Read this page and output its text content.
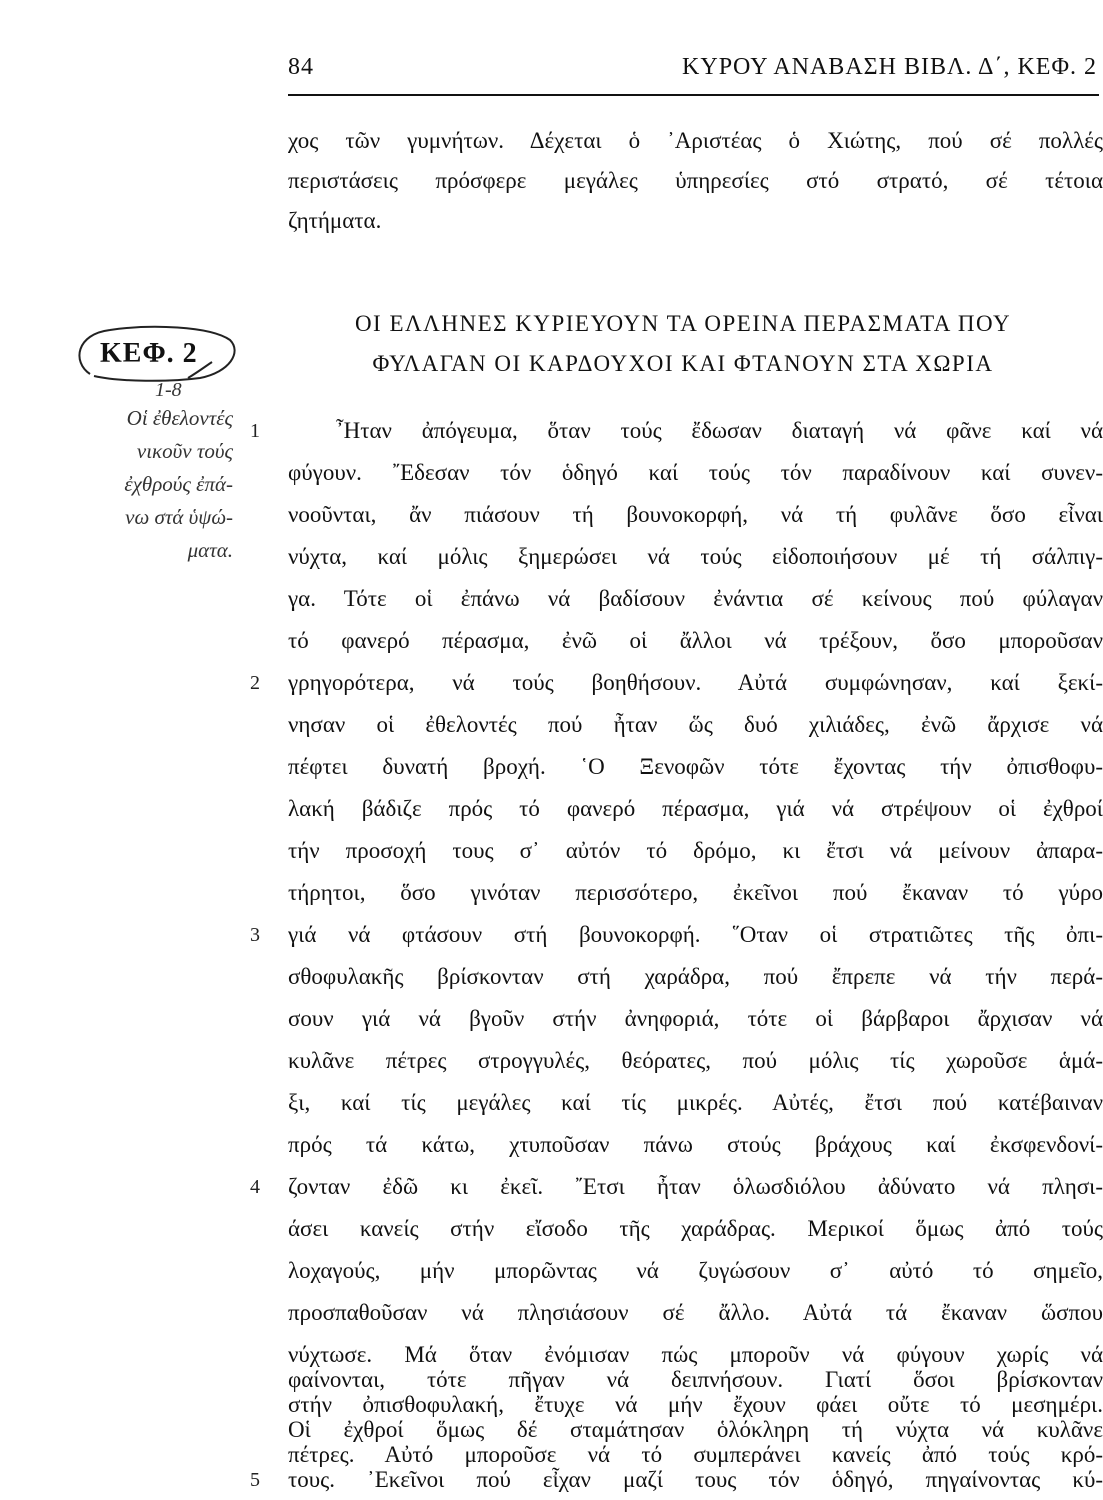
84	ΚΥΡΟΥ ΑΝΑΒΑΣΗ ΒΙΒΛ. Δ΄, ΚΕΦ. 2
χος τῶν γυμνήτων. Δέχεται ὁ ᾿Αριστέας ὁ Χιώτης, πού σέ πολλές
περιστάσεις πρόσφερε μεγάλες ὑπηρεσίες στό στρατό, σέ τέτοια
ζητήματα.
ΟΙ ΕΛΛΗΝΕΣ ΚΥΡΙΕΥΟΥΝ ΤΑ ΟΡΕΙΝΑ ΠΕΡΑΣΜΑΤΑ ΠΟΥ
ΦΥΛΑΓΑΝ ΟΙ ΚΑΡΔΟΥΧΟΙ ΚΑΙ ΦΤΑΝΟΥΝ ΣΤΑ ΧΩΡΙΑ
ΚΕΦ. 2
1-8
Οἱ ἐθελοντές
νικοῦν τούς
ἐχθρούς ἐπά-
νω στά ὑψώ-
ματα.
1
2
3
4
5
῏Ηταν ἀπόγευμα, ὅταν τούς ἔδωσαν διαταγή νά φᾶνε καί νά
φύγουν. ῎Εδεσαν τόν ὁδηγό καί τούς τόν παραδίνουν καί συνεν-
νοοῦνται, ἄν πιάσουν τή βουνοκορφή, νά τή φυλᾶνε ὅσο εἶναι
νύχτα, καί μόλις ξημερώσει νά τούς εἰδοποιήσουν μέ τή σάλπιγ-
γα. Τότε οἱ ἐπάνω νά βαδίσουν ἐνάντια σέ κείνους πού φύλαγαν
τό φανερό πέρασμα, ἐνῶ οἱ ἄλλοι νά τρέξουν, ὅσο μποροῦσαν
γρηγορότερα, νά τούς βοηθήσουν. Αὐτά συμφώνησαν, καί ξεκί-
νησαν οἱ ἐθελοντές πού ἦταν ὥς δυό χιλιάδες, ἐνῶ ἄρχισε νά
πέφτει δυνατή βροχή. ῾Ο Ξενοφῶν τότε ἔχοντας τήν ὀπισθοφυ-
λακή βάδιζε πρός τό φανερό πέρασμα, γιά νά στρέψουν οἱ ἐχθροί
τήν προσοχή τους σ᾽ αὐτόν τό δρόμο, κι ἔτσι νά μείνουν ἀπαρα-
τήρητοι, ὅσο γινόταν περισσότερο, ἐκεῖνοι πού ἔκαναν τό γύρο
γιά νά φτάσουν στή βουνοκορφή. ῞Οταν οἱ στρατιῶτες τῆς ὀπι-
σθοφυλακῆς βρίσκονταν στή χαράδρα, πού ἔπρεπε νά τήν περά-
σουν γιά νά βγοῦν στήν ἀνηφοριά, τότε οἱ βάρβαροι ἄρχισαν νά
κυλᾶνε πέτρες στρογγυλές, θεόρατες, πού μόλις τίς χωροῦσε ἁμά-
ξι, καί τίς μεγάλες καί τίς μικρές. Αὐτές, ἔτσι πού κατέβαιναν
πρός τά κάτω, χτυποῦσαν πάνω στούς βράχους καί ἐκσφενδονί-
ζονταν ἐδῶ κι ἐκεῖ. ῎Ετσι ἦταν ὁλωσδιόλου ἀδύνατο νά πλησι-
άσει κανείς στήν εἴσοδο τῆς χαράδρας. Μερικοί ὅμως ἀπό τούς
λοχαγούς, μήν μπορῶντας νά ζυγώσουν σ᾽ αὐτό τό σημεῖο,
προσπαθοῦσαν νά πλησιάσουν σέ ἄλλο. Αὐτά τά ἔκαναν ὥσπου
νύχτωσε. Μά ὅταν ἐνόμισαν πώς μποροῦν νά φύγουν χωρίς νά
φαίνονται, τότε πῆγαν νά δειπνήσουν. Γιατί ὅσοι βρίσκονταν
στήν ὀπισθοφυλακή, ἔτυχε νά μήν ἔχουν φάει οὔτε τό μεσημέρι.
Οἱ ἐχθροί ὅμως δέ σταμάτησαν ὁλόκληρη τή νύχτα νά κυλᾶνε
πέτρες. Αὐτό μποροῦσε νά τό συμπεράνει κανείς ἀπό τούς κρό-
τους. ᾿Εκεῖνοι πού εἶχαν μαζί τους τόν ὁδηγό, πηγαίνοντας κύ-
